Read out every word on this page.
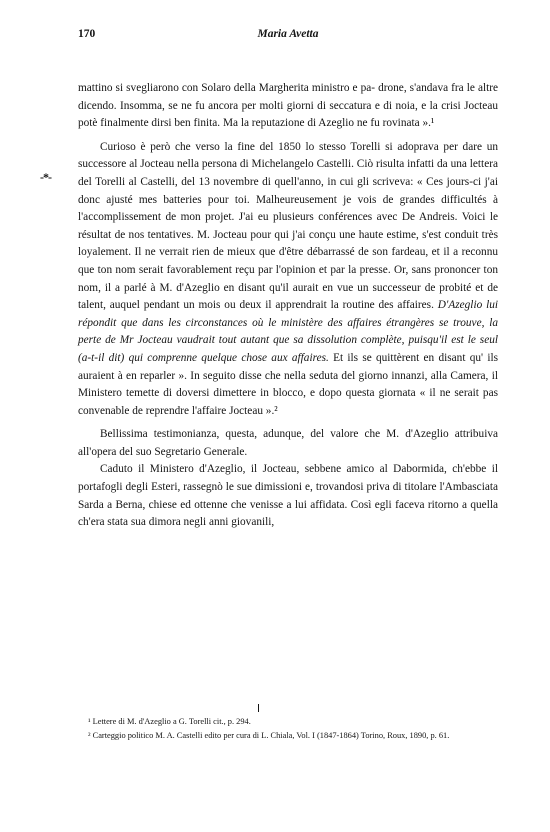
170	Maria Avetta
-*-

mattino si svegliarono con Solaro della Margherita ministro e pa- drone, s'andava fra le altre dicendo. Insomma, se ne fu ancora per molti giorni di seccatura e di noia, e la crisi Jocteau potè finalmente dirsi ben finita. Ma la reputazione di Azeglio ne fu rovinata ».¹

Curioso è però che verso la fine del 1850 lo stesso Torelli si adoprava per dare un successore al Jocteau nella persona di Michelangelo Castelli. Ciò risulta infatti da una lettera del Torelli al Castelli, del 13 novembre di quell'anno, in cui gli scriveva: « Ces jours-ci j'ai donc ajusté mes batteries pour toi. Malheureusement je vois de grandes difficultés à l'accomplissement de mon projet. J'ai eu plusieurs conférences avec De Andreis. Voici le résultat de nos tentatives. M. Jocteau pour qui j'ai conçu une haute estime, s'est conduit très loyalement. Il ne verrait rien de mieux que d'être débarrassé de son fardeau, et il a reconnu que ton nom serait favorablement reçu par l'opinion et par la presse. Or, sans prononcer ton nom, il a parlé à M. d'Azeglio en disant qu'il aurait en vue un successeur de probité et de talent, auquel pendant un mois ou deux il apprendrait la routine des affaires. D'Azeglio lui répondit que dans les circonstances où le ministère des affaires étrangères se trouve, la perte de Mr Jocteau vaudrait tout autant que sa dissolution complète, puisqu'il est le seul (a-t-il dit) qui comprenne quelque chose aux affaires. Et ils se quittèrent en disant qu' ils auraient à en reparler ». In seguito disse che nella seduta del giorno innanzi, alla Camera, il Ministero temette di doversi dimettere in blocco, e dopo questa giornata « il ne serait pas convenable de reprendre l'affaire Jocteau ».²

Bellissima testimonianza, questa, adunque, del valore che M. d'Azeglio attribuiva all'opera del suo Segretario Generale.

Caduto il Ministero d'Azeglio, il Jocteau, sebbene amico al Dabormida, ch'ebbe il portafogli degli Esteri, rassegnò le sue dimissioni e, trovandosi priva di titolare l'Ambasciata Sarda a Berna, chiese ed ottenne che venisse a lui affidata. Così egli faceva ritorno a quella ch'era stata sua dimora negli anni giovanili,

¹ Lettere di M. d'Azeglio a G. Torelli cit., p. 294.

² Carteggio politico M. A. Castelli edito per cura di L. Chiala, Vol. I (1847-1864) Torino, Roux, 1890, p. 61.
